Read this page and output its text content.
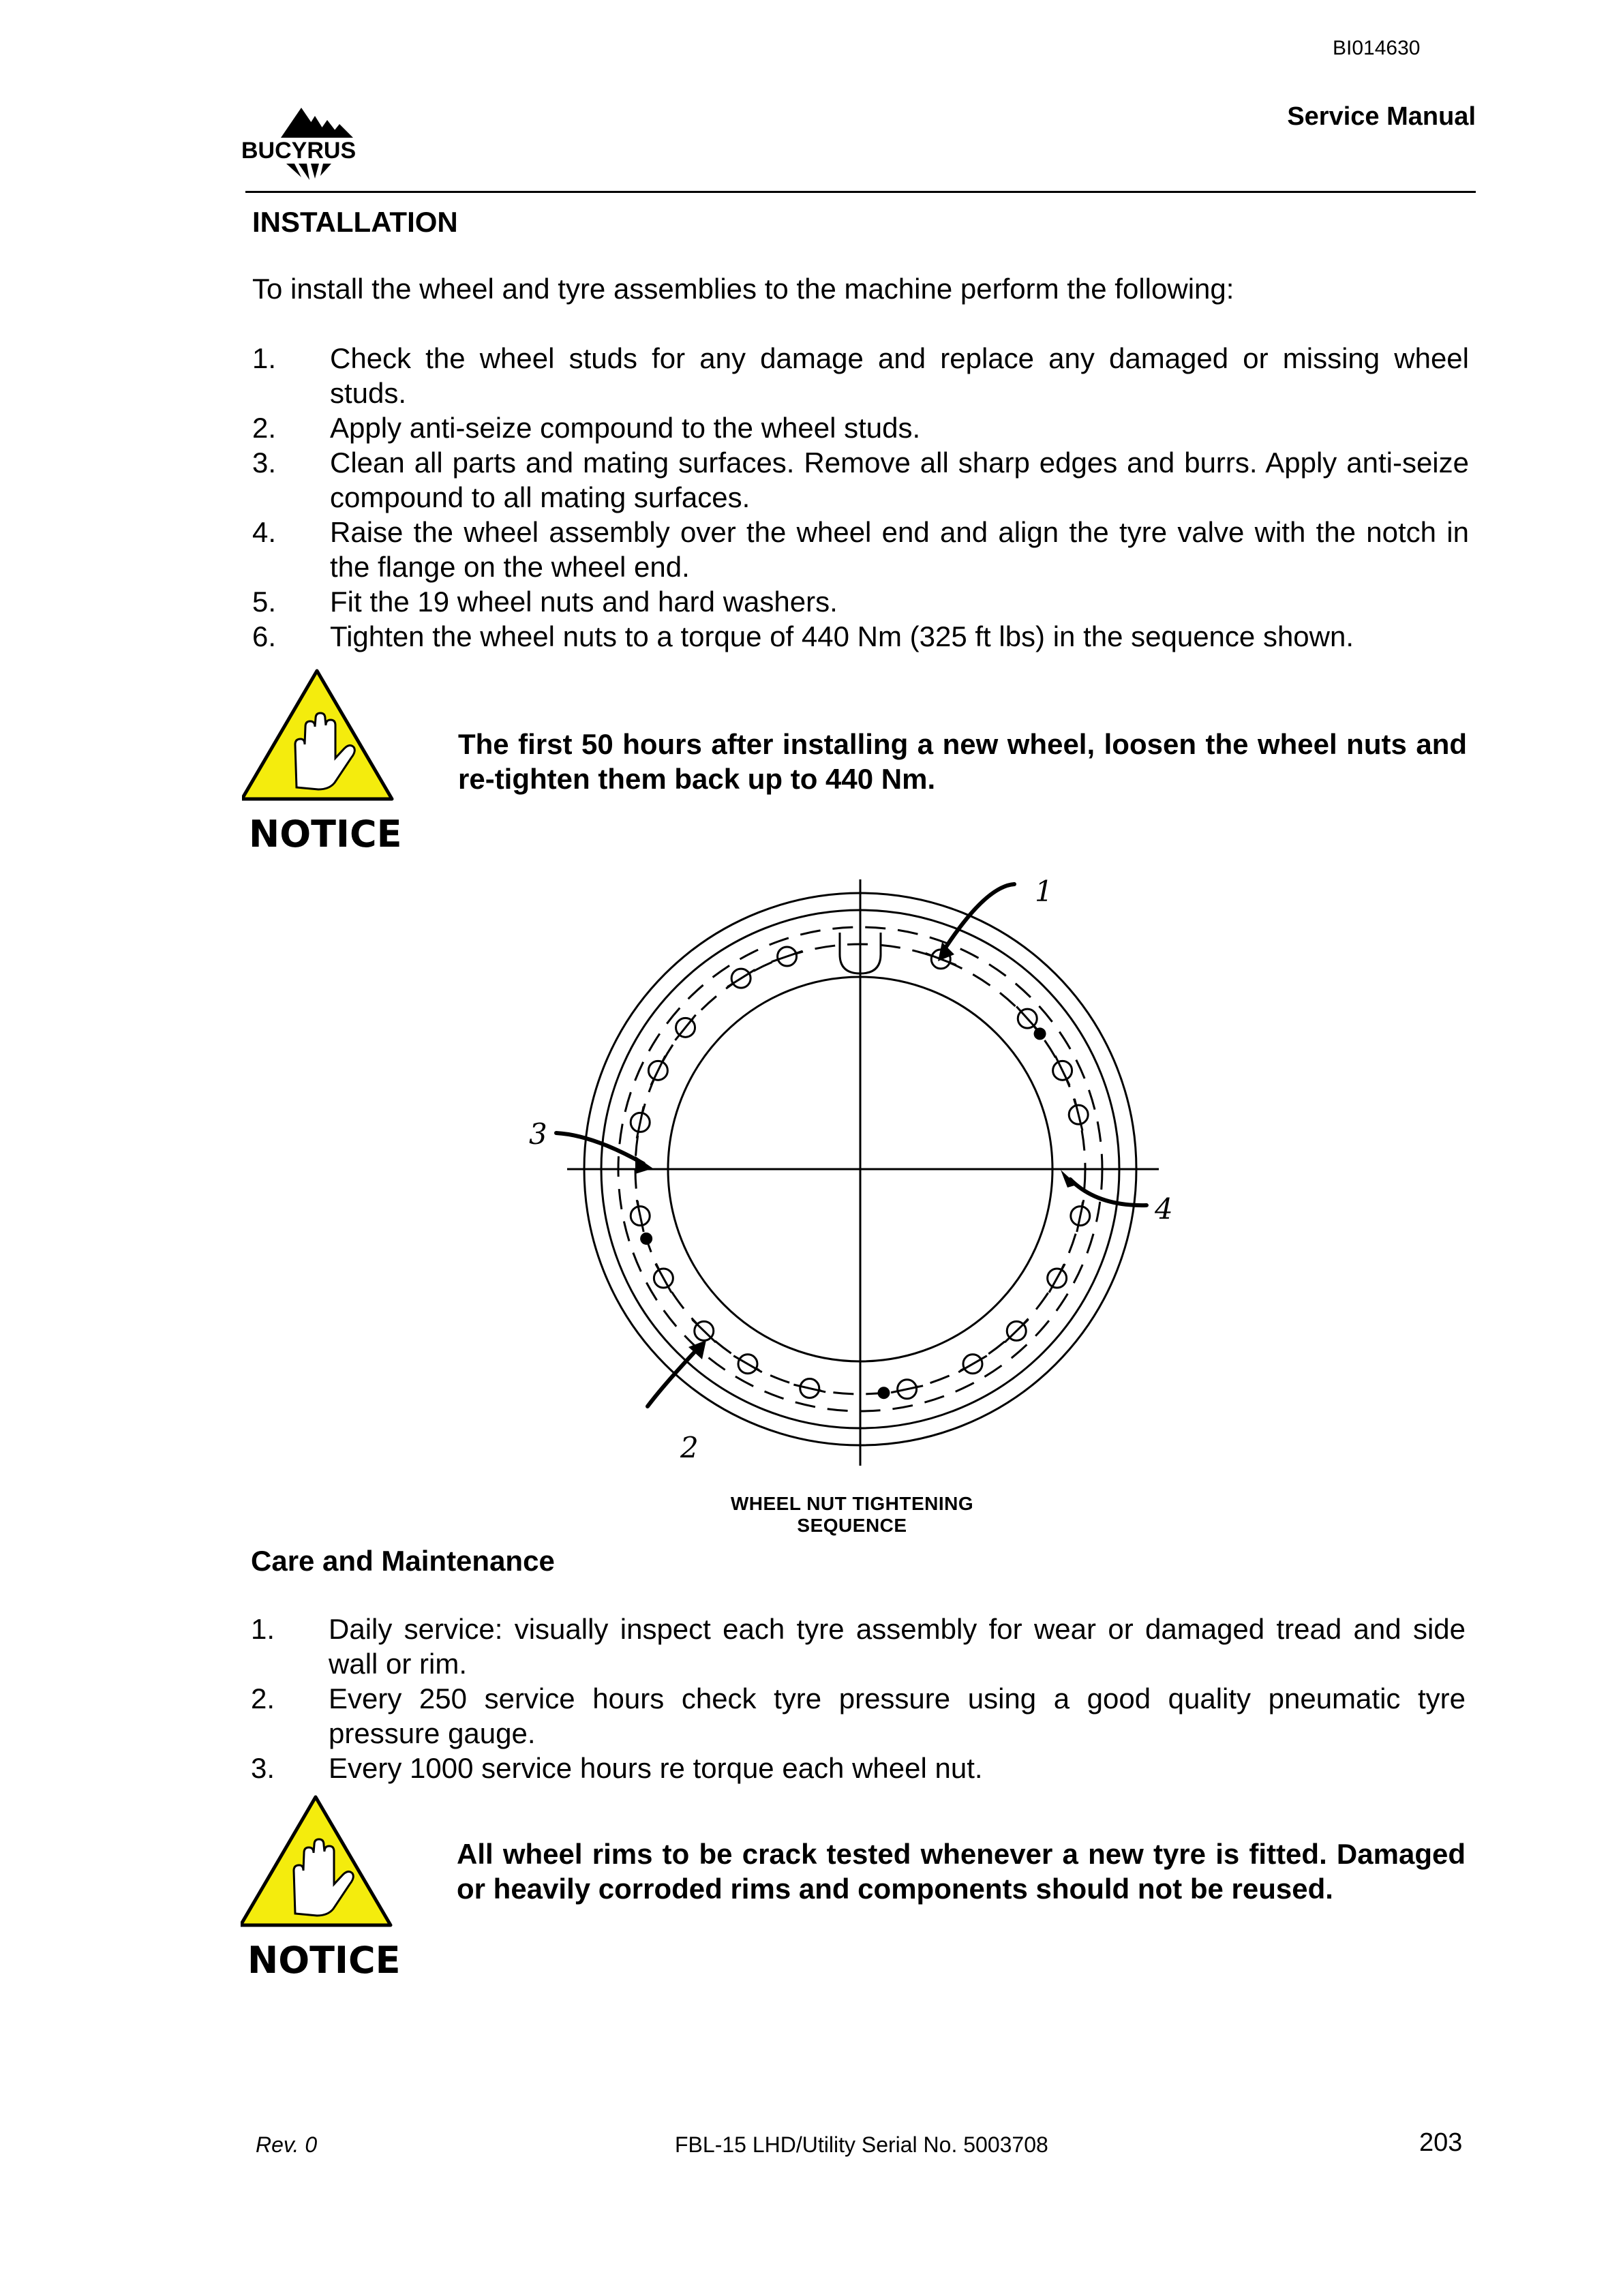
BI014630
BUCYRUS
Service Manual
INSTALLATION
To install the wheel and tyre assemblies to the machine perform the following:
1.	Check the wheel studs for any damage and replace any damaged or missing wheel studs.
2.	Apply anti-seize compound to the wheel studs.
3.	Clean all parts and mating surfaces. Remove all sharp edges and burrs. Apply anti-seize compound to all mating surfaces.
4.	Raise the wheel assembly over the wheel end and align the tyre valve with the notch in the flange on the wheel end.
5.	Fit the 19 wheel nuts and hard washers.
6.	Tighten the wheel nuts to a torque of 440 Nm (325 ft lbs) in the sequence shown.
NOTICE
The first 50 hours after installing a new wheel, loosen the wheel nuts and re-tighten them back up to 440 Nm.
1
2
3
4
WHEEL NUT TIGHTENING SEQUENCE
Care and Maintenance
1.	Daily service: visually inspect each tyre assembly for wear or damaged tread and side wall or rim.
2.	Every 250 service hours check tyre pressure using a good quality pneumatic tyre pressure gauge.
3.	Every 1000 service hours re torque each wheel nut.
NOTICE
All wheel rims to be crack tested whenever a new tyre is fitted. Damaged or heavily corroded rims and components should not be reused.
Rev. 0	FBL-15 LHD/Utility Serial No. 5003708	203
